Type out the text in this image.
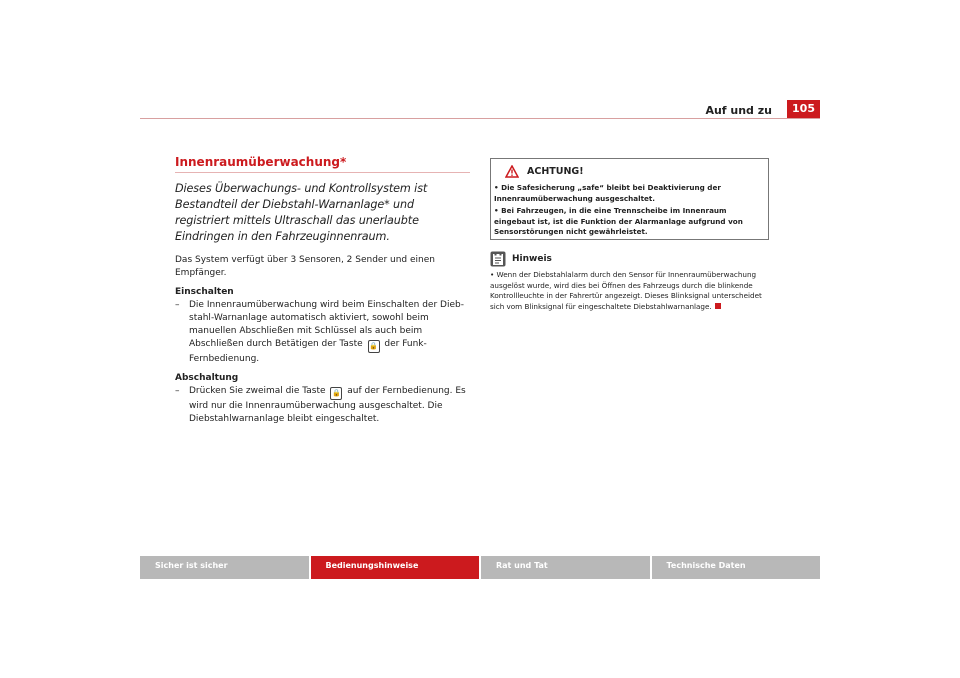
Auf und zu	105
Innenraumüberwachung*
Dieses Überwachungs- und Kontrollsystem ist Bestandteil der Diebstahl-Warnanlage* und registriert mittels Ultraschall das unerlaubte Eindringen in den Fahrzeuginnenraum.
Das System verfügt über 3 Sensoren, 2 Sender und einen Empfänger.
Einschalten
–	Die Innenraumüberwachung wird beim Einschalten der Diebstahl-Warnanlage automatisch aktiviert, sowohl beim manuellen Abschließen mit Schlüssel als auch beim Abschließen durch Betätigen der Taste 🔒 der Funk-Fernbedienung.
Abschaltung
–	Drücken Sie zweimal die Taste 🔒 auf der Fernbedienung. Es wird nur die Innenraumüberwachung ausgeschaltet. Die Diebstahlwarnanlage bleibt eingeschaltet.
ACHTUNG!
• Die Safesicherung „safe“ bleibt bei Deaktivierung der Innenraumüberwachung ausgeschaltet.
• Bei Fahrzeugen, in die eine Trennscheibe im Innenraum eingebaut ist, ist die Funktion der Alarmanlage aufgrund von Sensorstörungen nicht gewährleistet.
Hinweis
• Wenn der Diebstahlalarm durch den Sensor für Innenraumüberwachung ausgelöst wurde, wird dies bei Öffnen des Fahrzeugs durch die blinkende Kontrollleuchte in der Fahrertür angezeigt. Dieses Blinksignal unterscheidet sich vom Blinksignal für eingeschaltete Diebstahlwarnanlage.
Sicher ist sicher	Bedienungshinweise	Rat und Tat	Technische Daten
